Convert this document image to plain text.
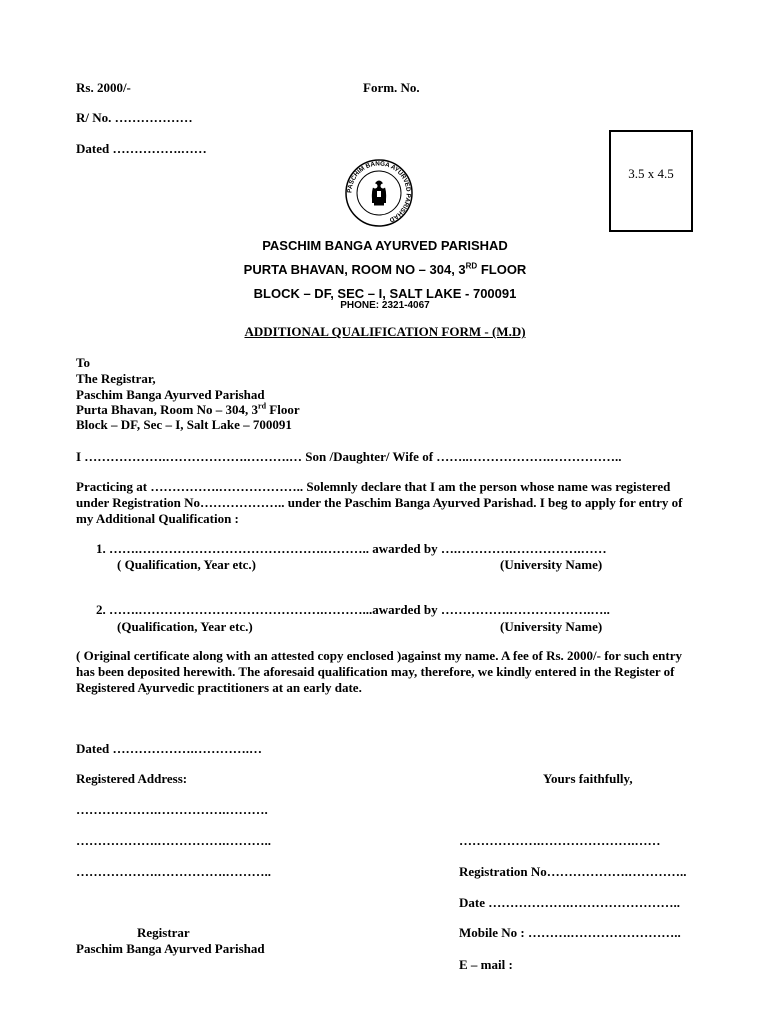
Rs. 2000/-	Form. No.
R/ No. ………………
Dated …………….……
3.5 x 4.5
PASCHIM BANGA AYURVED PARISHAD
PASCHIM BANGA AYURVED PARISHAD
PURTA BHAVAN, ROOM NO – 304, 3RD FLOOR
BLOCK – DF, SEC – I, SALT LAKE - 700091
PHONE: 2321-4067
ADDITIONAL QUALIFICATION FORM - (M.D)
To
The Registrar,
Paschim Banga Ayurved Parishad
Purta Bhavan, Room No – 304, 3rd Floor
Block – DF, Sec – I, Salt Lake – 700091
I ……………….……………….……….… Son /Daughter/ Wife of ……..……………….……………..
Practicing at …………….……………….. Solemnly declare that I am the person whose name was registered under Registration No……………….. under the Paschim Banga Ayurved Parishad. I beg to apply for entry of my Additional Qualification :
1. …….…………………………………….……….. awarded by ….………….…………….……
( Qualification, Year etc.)	(University Name)
2. …….…………………………………….………...awarded by …………….……………….…..
(Qualification, Year etc.)	(University Name)
( Original certificate along with an attested copy enclosed )against my name. A fee of Rs. 2000/- for such entry has been deposited herewith. The aforesaid qualification may, therefore, we kindly entered in the Register of Registered Ayurvedic practitioners at an early date.
Dated ……………….………….…
Registered Address:	Yours faithfully,
……………….…………….……….
……………….…………….………..	……………….………………….……
……………….…………….………..	Registration No……………….…………..
Date ……………….……………………..
Registrar	Mobile No : ……….……………………..
Paschim Banga Ayurved Parishad
E – mail :
